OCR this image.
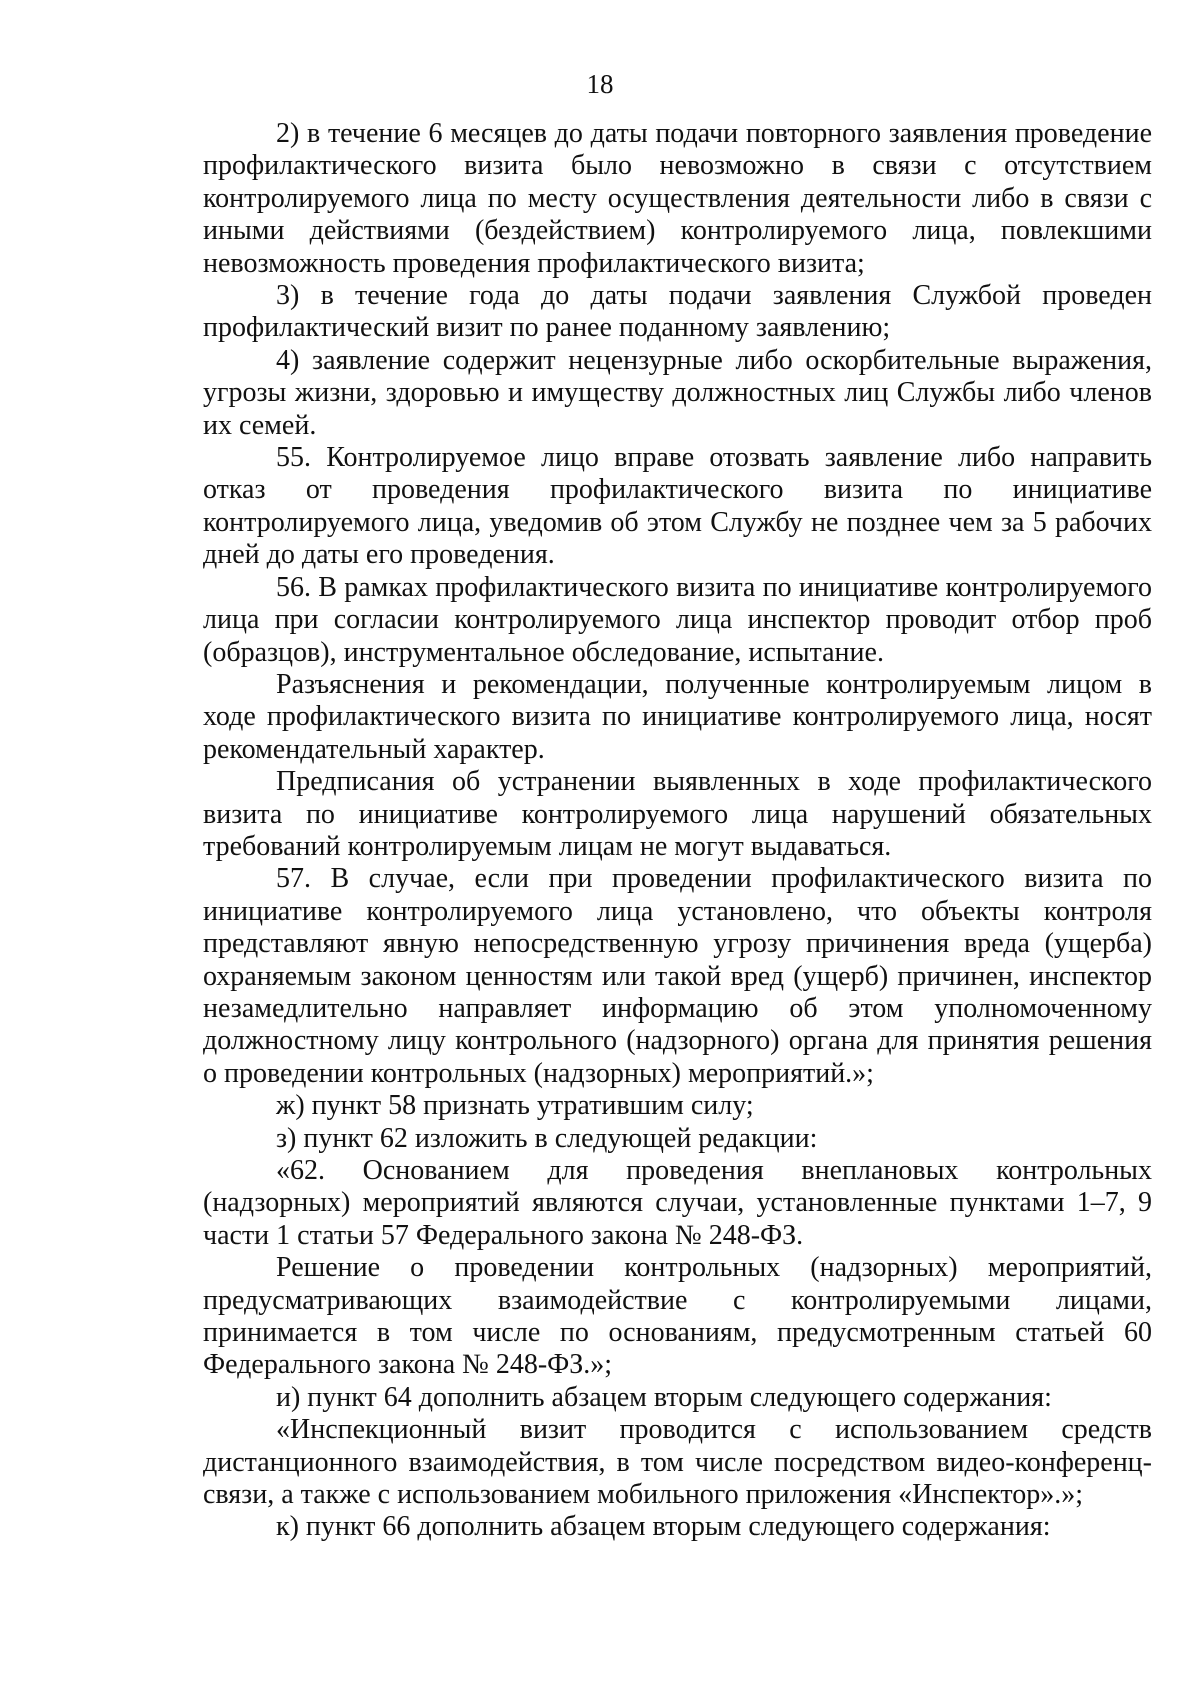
18

2) в течение 6 месяцев до даты подачи повторного заявления проведение профилактического визита было невозможно в связи с отсутствием контролируемого лица по месту осуществления деятельности либо в связи с иными действиями (бездействием) контролируемого лица, повлекшими невозможность проведения профилактического визита;

3) в течение года до даты подачи заявления Службой проведен профилактический визит по ранее поданному заявлению;

4) заявление содержит нецензурные либо оскорбительные выражения, угрозы жизни, здоровью и имуществу должностных лиц Службы либо членов их семей.

55. Контролируемое лицо вправе отозвать заявление либо направить отказ от проведения профилактического визита по инициативе контролируемого лица, уведомив об этом Службу не позднее чем за 5 рабочих дней до даты его проведения.

56. В рамках профилактического визита по инициативе контролируемого лица при согласии контролируемого лица инспектор проводит отбор проб (образцов), инструментальное обследование, испытание.

Разъяснения и рекомендации, полученные контролируемым лицом в ходе профилактического визита по инициативе контролируемого лица, носят рекомендательный характер.

Предписания об устранении выявленных в ходе профилактического визита по инициативе контролируемого лица нарушений обязательных требований контролируемым лицам не могут выдаваться.

57. В случае, если при проведении профилактического визита по инициативе контролируемого лица установлено, что объекты контроля представляют явную непосредственную угрозу причинения вреда (ущерба) охраняемым законом ценностям или такой вред (ущерб) причинен, инспектор незамедлительно направляет информацию об этом уполномоченному должностному лицу контрольного (надзорного) органа для принятия решения о проведении контрольных (надзорных) мероприятий.»;

ж) пункт 58 признать утратившим силу;

з) пункт 62 изложить в следующей редакции:

«62. Основанием для проведения внеплановых контрольных (надзорных) мероприятий являются случаи, установленные пунктами 1–7, 9 части 1 статьи 57 Федерального закона № 248-ФЗ.

Решение о проведении контрольных (надзорных) мероприятий, предусматривающих взаимодействие с контролируемыми лицами, принимается в том числе по основаниям, предусмотренным статьей 60 Федерального закона № 248-ФЗ.»;

и) пункт 64 дополнить абзацем вторым следующего содержания:

«Инспекционный визит проводится с использованием средств дистанционного взаимодействия, в том числе посредством видео-конференц-связи, а также с использованием мобильного приложения «Инспектор».»;

к) пункт 66 дополнить абзацем вторым следующего содержания:
